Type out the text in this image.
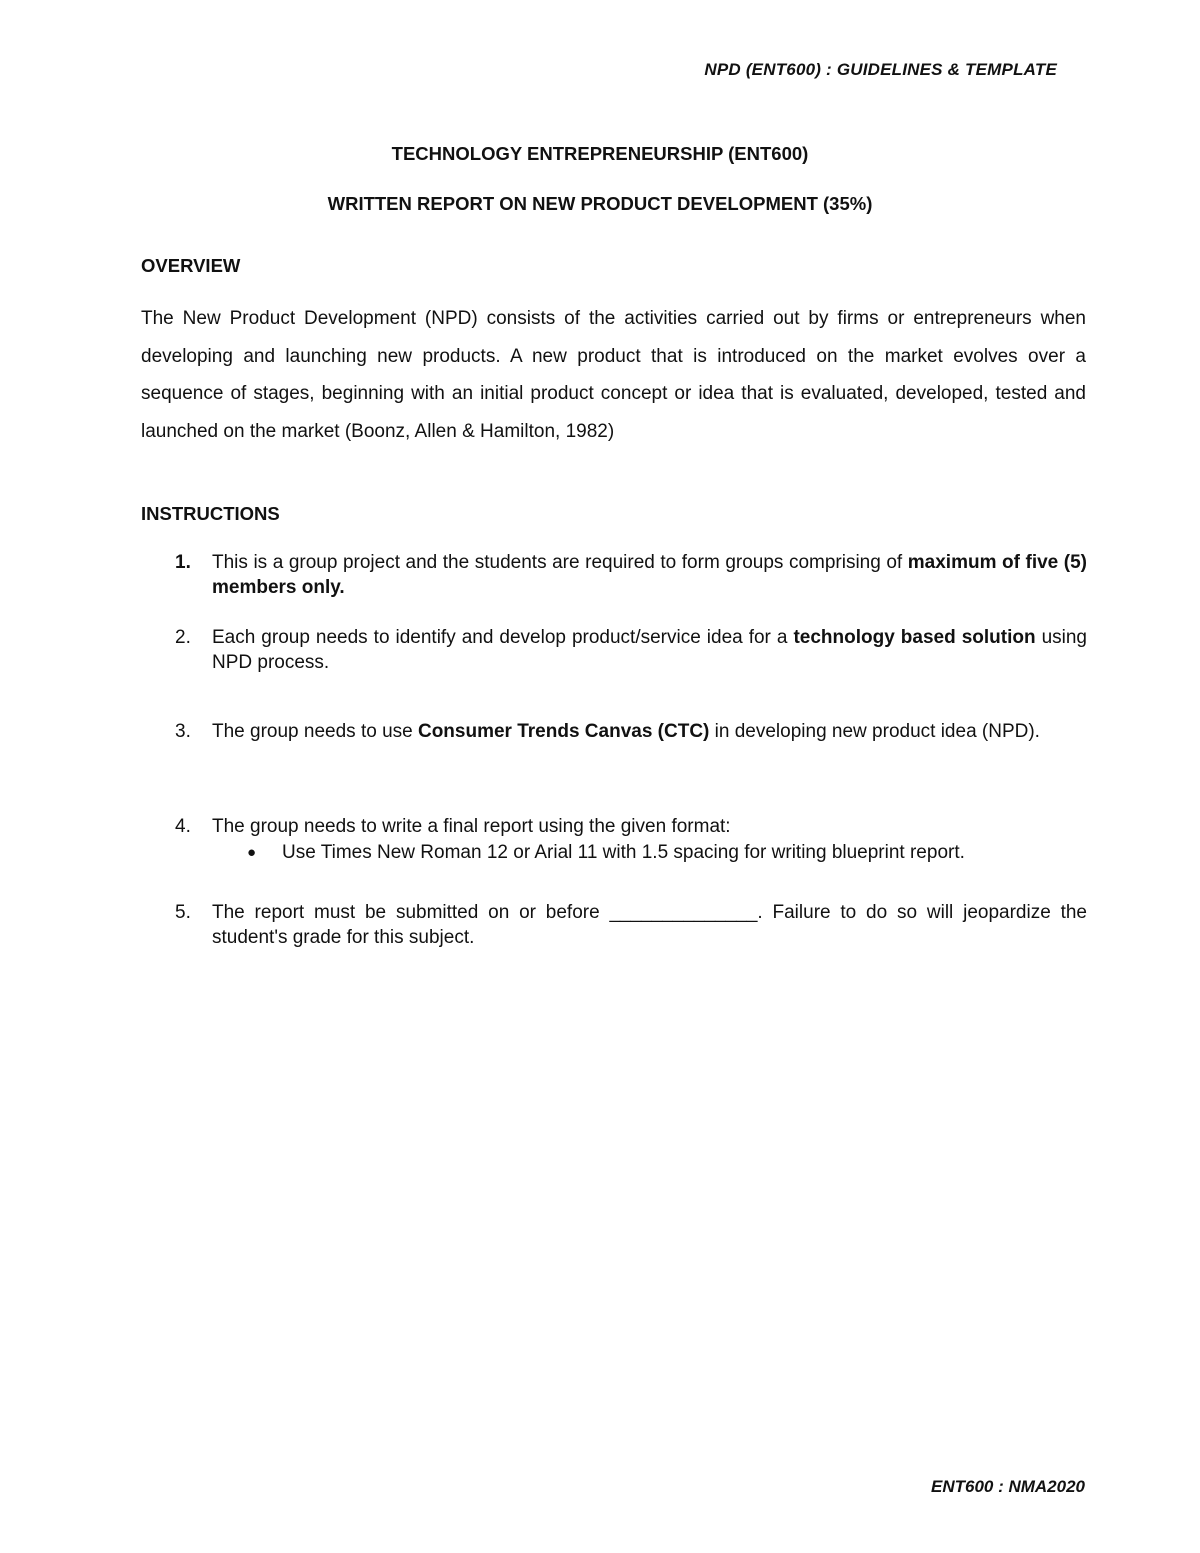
NPD (ENT600) : GUIDELINES & TEMPLATE
TECHNOLOGY ENTREPRENEURSHIP (ENT600)
WRITTEN REPORT ON NEW PRODUCT DEVELOPMENT (35%)
OVERVIEW
The New Product Development (NPD) consists of the activities carried out by firms or entrepreneurs when developing and launching new products. A new product that is introduced on the market evolves over a sequence of stages, beginning with an initial product concept or idea that is evaluated, developed, tested and launched on the market (Boonz, Allen & Hamilton, 1982)
INSTRUCTIONS
1. This is a group project and the students are required to form groups comprising of maximum of five (5) members only.
2. Each group needs to identify and develop product/service idea for a technology based solution using NPD process.
3. The group needs to use Consumer Trends Canvas (CTC) in developing new product idea (NPD).
4. The group needs to write a final report using the given format:
● Use Times New Roman 12 or Arial 11 with 1.5 spacing for writing blueprint report.
5. The report must be submitted on or before ______________. Failure to do so will jeopardize the student's grade for this subject.
ENT600 : NMA2020
